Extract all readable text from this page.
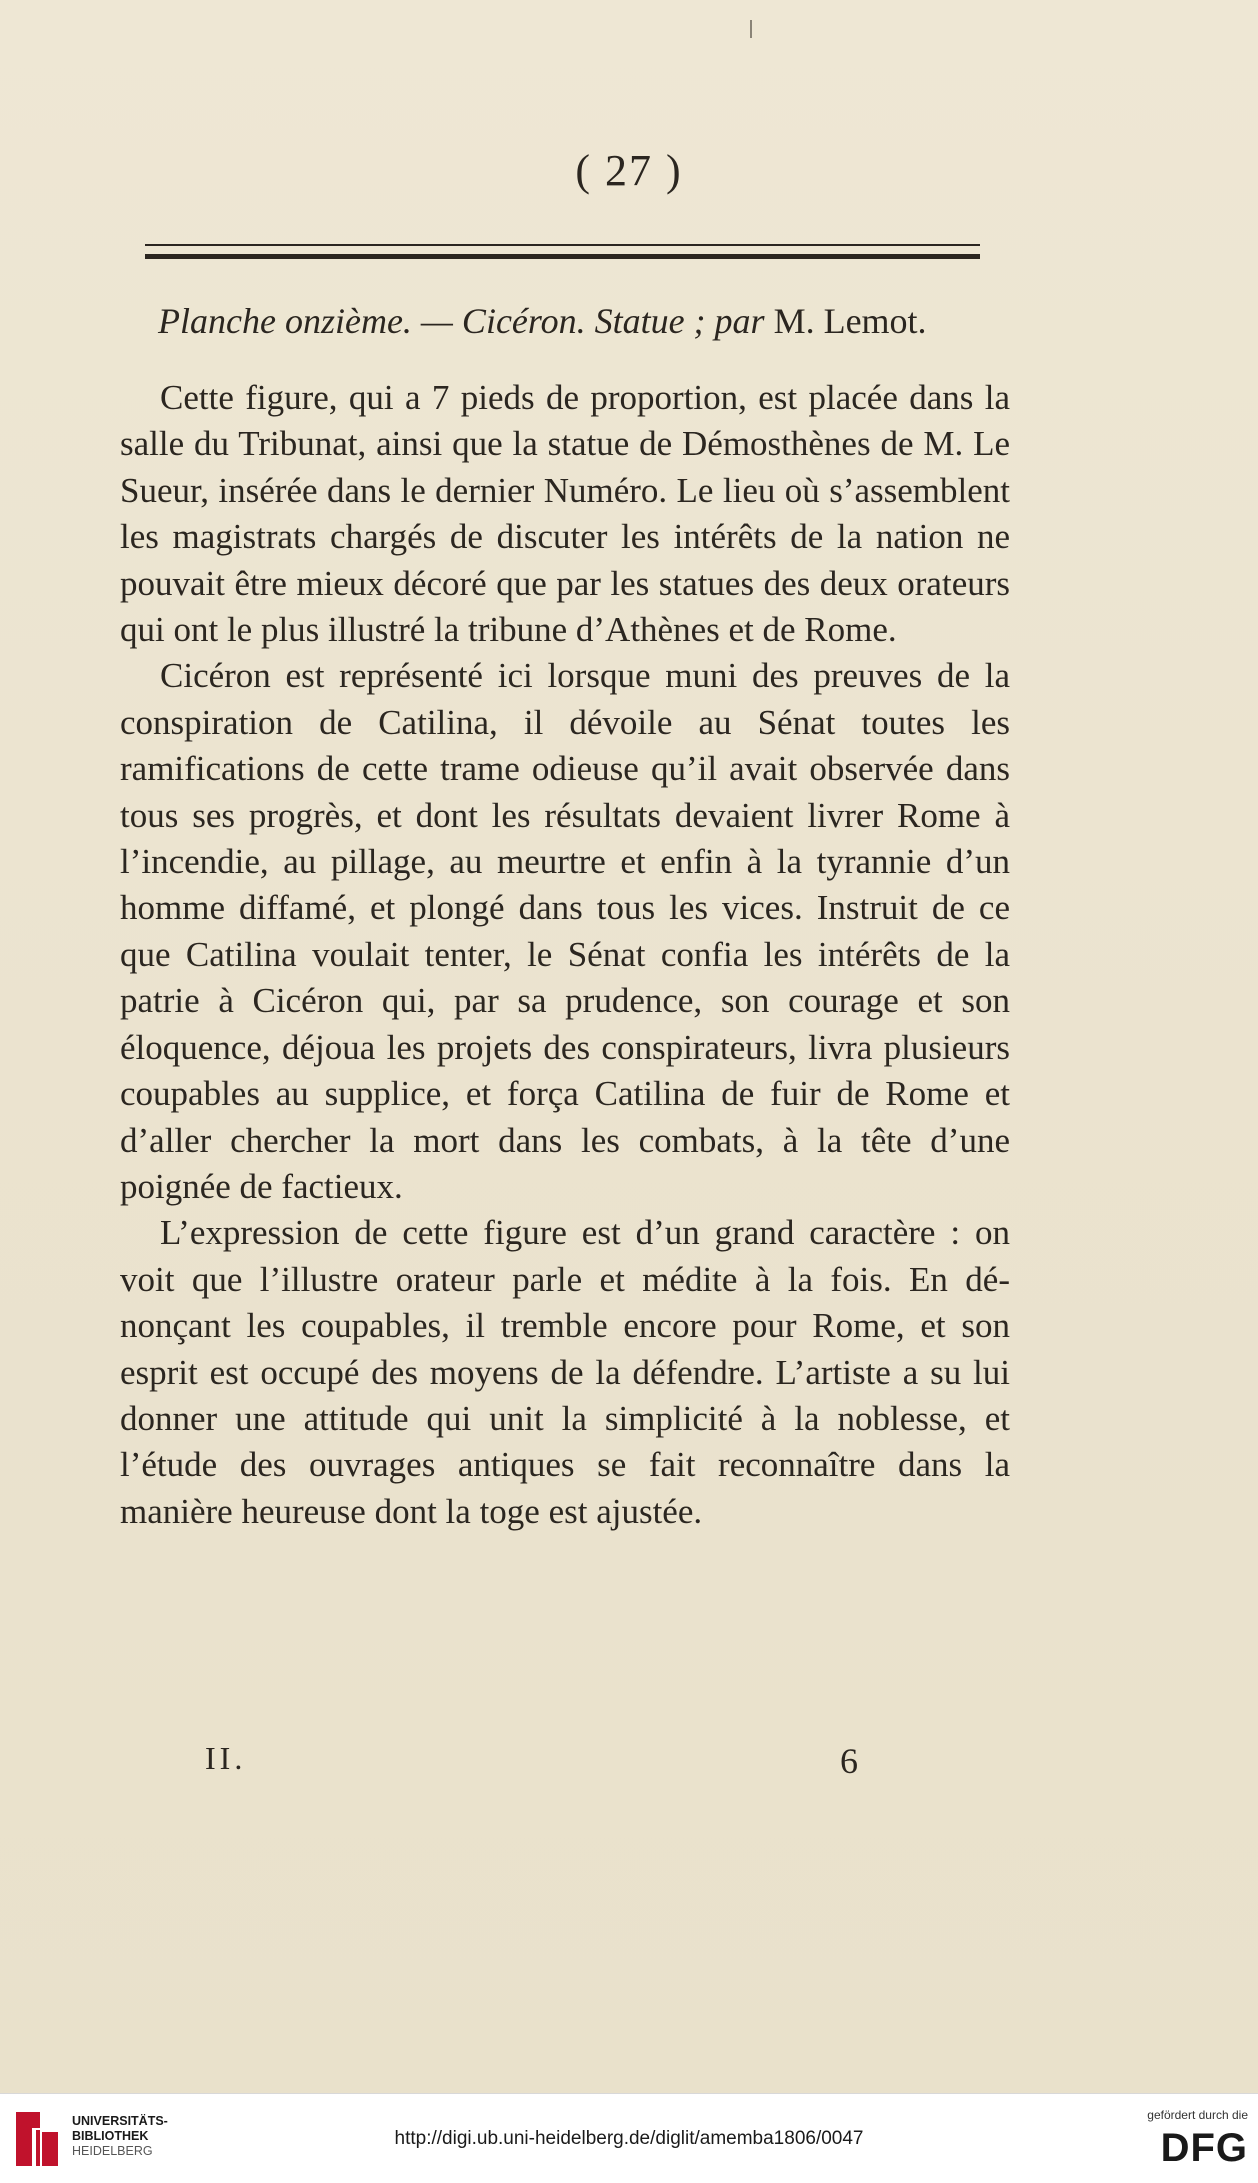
( 27 )
Planche onzième. — Cicéron. Statue ; par M. Lemot.

Cette figure, qui a 7 pieds de proportion, est placée dans la salle du Tribunat, ainsi que la statue de Démosthènes de M. Le Sueur, insérée dans le dernier Numéro. Le lieu où s’assemblent les magistrats chargés de discuter les intérêts de la nation ne pouvait être mieux décoré que par les statues des deux orateurs qui ont le plus illustré la tribune d’Athènes et de Rome.

Cicéron est représenté ici lorsque muni des preuves de la conspiration de Catilina, il dévoile au Sénat toutes les ramifications de cette trame odieuse qu’il avait observée dans tous ses progrès, et dont les résultats devaient livrer Rome à l’incendie, au pillage, au meurtre et enfin à la tyrannie d’un homme diffamé, et plongé dans tous les vices. Instruit de ce que Catilina voulait tenter, le Sénat confia les intérêts de la patrie à Cicéron qui, par sa prudence, son courage et son éloquence, déjoua les projets des conspirateurs, livra plusieurs coupables au supplice, et força Catilina de fuir de Rome et d’aller chercher la mort dans les combats, à la tête d’une poignée de factieux.

L’expression de cette figure est d’un grand caractère : on voit que l’illustre orateur parle et médite à la fois. En dénonçant les coupables, il tremble encore pour Rome, et son esprit est occupé des moyens de la défendre. L’artiste a su lui donner une attitude qui unit la simplicité à la noblesse, et l’étude des ouvrages antiques se fait reconnaître dans la manière heureuse dont la toge est ajustée.

II.	6
UNIVERSITÄTS-
BIBLIOTHEK
HEIDELBERG
http://digi.ub.uni-heidelberg.de/diglit/amemba1806/0047
gefördert durch die
DFG
